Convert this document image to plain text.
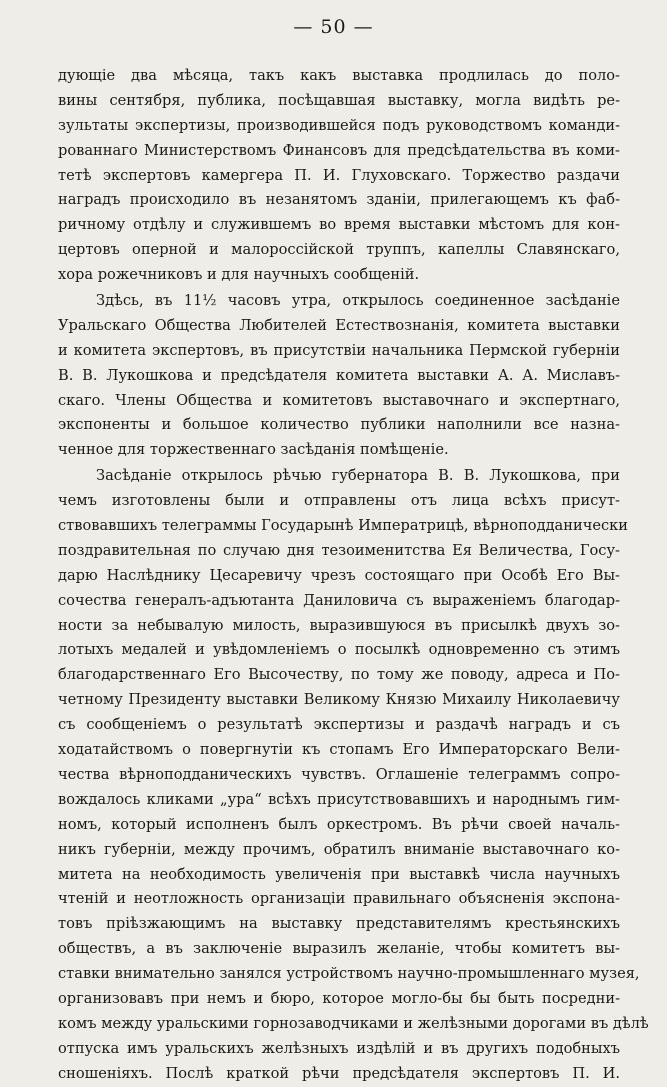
— 50 —
дующіе два мѣсяца, такъ какъ выставка продлилась до поло-
вины сентября, публика, посѣщавшая выставку, могла видѣть ре-
зультаты экспертизы, производившейся подъ руководствомъ команди-
рованнаго Министерствомъ Финансовъ для предсѣдательства въ коми-
тетѣ экспертовъ камергера П. И. Глуховскаго. Торжество раздачи
наградъ происходило въ незанятомъ зданіи, прилегающемъ къ фаб-
ричному отдѣлу и служившемъ во время выставки мѣстомъ для кон-
цертовъ оперной и малороссійской труппъ, капеллы Славянскаго,
хора рожечниковъ и для научныхъ сообщеній.
Здѣсь, въ 11½ часовъ утра, открылось соединенное засѣданіе
Уральскаго Общества Любителей Естествознанія, комитета выставки
и комитета экспертовъ, въ присутствіи начальника Пермской губерніи
В. В. Лукошкова и предсѣдателя комитета выставки А. А. Миславъ-
скаго. Члены Общества и комитетовъ выставочнаго и экспертнаго,
экспоненты и большое количество публики наполнили все назна-
ченное для торжественнаго засѣданія помѣщеніе.
Засѣданіе открылось рѣчью губернатора В. В. Лукошкова, при
чемъ изготовлены были и отправлены отъ лица всѣхъ присут-
ствовавшихъ телеграммы Государынѣ Императрицѣ, вѣрноподданически
поздравительная по случаю дня тезоименитства Ея Величества, Госу-
дарю Наслѣднику Цесаревичу чрезъ состоящаго при Особѣ Его Вы-
сочества генералъ-адъютанта Даниловича съ выраженіемъ благодар-
ности за небывалую милость, выразившуюся въ присылкѣ двухъ зо-
лотыхъ медалей и увѣдомленіемъ о посылкѣ одновременно съ этимъ
благодарственнаго Его Высочеству, по тому же поводу, адреса и По-
четному Президенту выставки Великому Князю Михаилу Николаевичу
съ сообщеніемъ о результатѣ экспертизы и раздачѣ наградъ и съ
ходатайствомъ о повергнутіи къ стопамъ Его Императорскаго Вели-
чества вѣрноподданическихъ чувствъ. Оглашеніе телеграммъ сопро-
вождалось кликами „ура“ всѣхъ присутствовавшихъ и народнымъ гим-
номъ, который исполненъ былъ оркестромъ. Въ рѣчи своей началь-
никъ губерніи, между прочимъ, обратилъ вниманіе выставочнаго ко-
митета на необходимость увеличенія при выставкѣ числа научныхъ
чтеній и неотложность организаціи правильнаго объясненія экспона-
товъ пріѣзжающимъ на выставку представителямъ крестьянскихъ
обществъ, а въ заключеніе выразилъ желаніе, чтобы комитетъ вы-
ставки внимательно занялся устройствомъ научно-промышленнаго музея,
организовавъ при немъ и бюро, которое могло-бы бы быть посредни-
комъ между уральскими горнозаводчиками и желѣзными дорогами въ дѣлѣ
отпуска имъ уральскихъ желѣзныхъ издѣлій и въ другихъ подобныхъ
сношеніяхъ. Послѣ краткой рѣчи предсѣдателя экспертовъ П. И.
